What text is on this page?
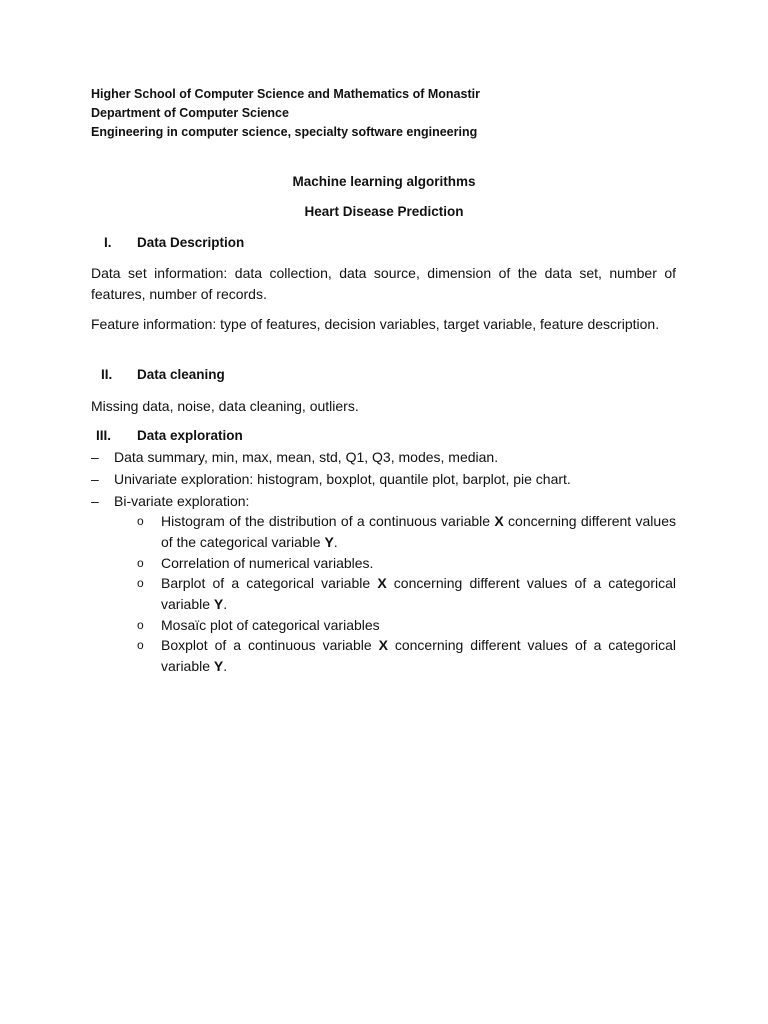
Higher School of Computer Science and Mathematics of Monastir
Department of Computer Science
Engineering in computer science, specialty software engineering
Machine learning algorithms
Heart Disease Prediction
I. Data Description
Data set information: data collection, data source, dimension of the data set, number of features, number of records.
Feature information: type of features, decision variables, target variable, feature description.
II. Data cleaning
Missing data, noise, data cleaning, outliers.
III. Data exploration
– Data summary, min, max, mean, std, Q1, Q3, modes, median.
– Univariate exploration: histogram, boxplot, quantile plot, barplot, pie chart.
– Bi-variate exploration:
o	Histogram of the distribution of a continuous variable X concerning different values of the categorical variable Y.
o	Correlation of numerical variables.
o	Barplot of a categorical variable X concerning different values of a categorical variable Y.
o	Mosaïc plot of categorical variables
o	Boxplot of a continuous variable X concerning different values of a categorical variable Y.
